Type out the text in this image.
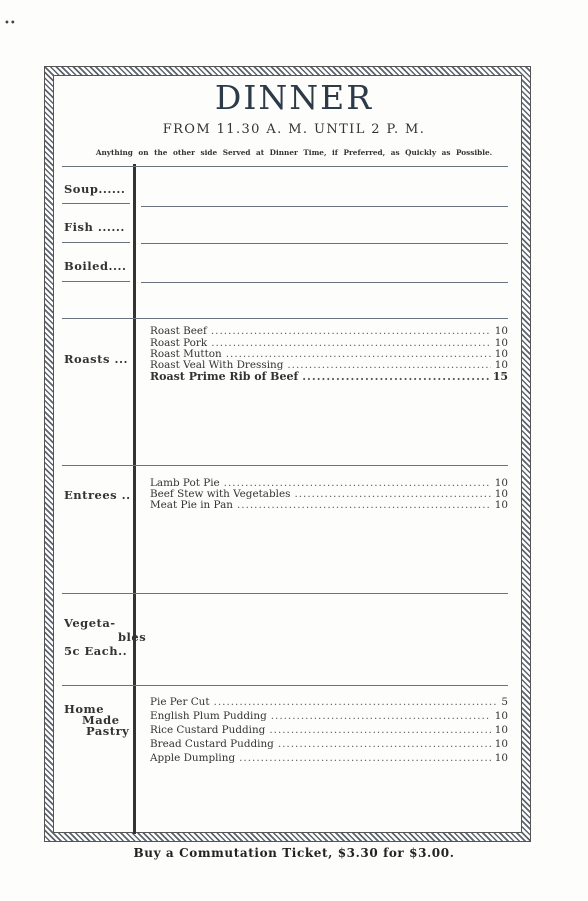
••
DINNER
FROM 11.30 A. M. UNTIL 2 P. M.
Anything on the other side Served at Dinner Time, if Preferred, as Quickly as Possible.
Soup......
Fish ......
Boiled....
Roasts ...
Roast Beef .....	10
Roast Pork .....	10
Roast Mutton .....	10
Roast Veal With Dressing .....	10
Roast Prime Rib of Beef .....	15
Entrees ..
Lamb Pot Pie .....	10
Beef Stew with Vegetables .....	10
Meat Pie in Pan .....	10
Vegeta-
bles
5c Each..
Home
Made
Pastry
Pie Per Cut .....	5
English Plum Pudding .....	10
Rice Custard Pudding .....	10
Bread Custard Pudding .....	10
Apple Dumpling .....	10
Buy a Commutation Ticket, $3.30 for $3.00.
